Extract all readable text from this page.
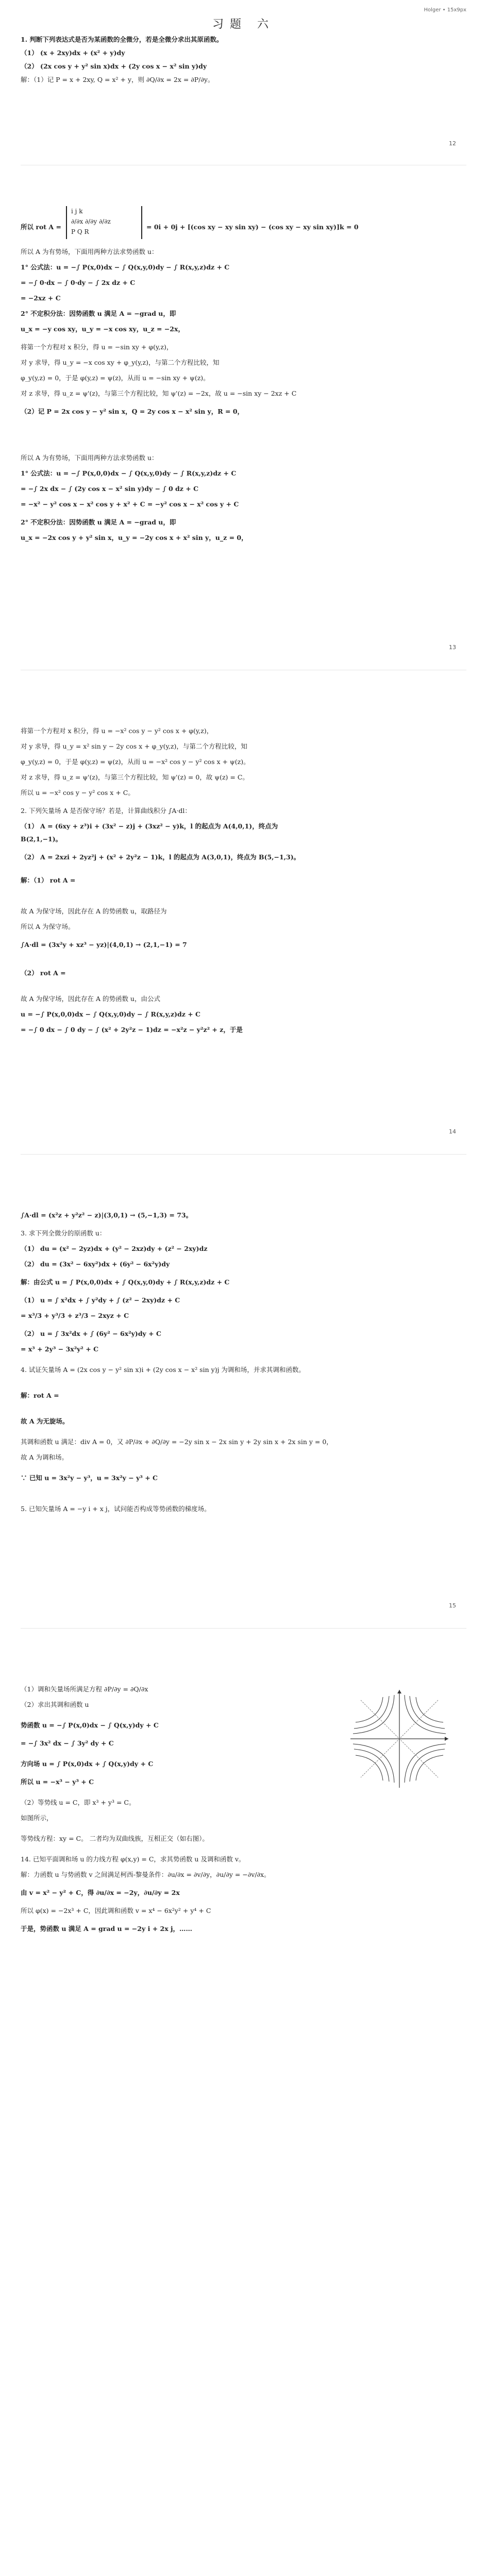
Holger • 15x9px
习题 六
1. 判断下列表达式是否为某函数的全微分，若是全微分求出其原函数。
（1） (x + 2xy)dx + (x² + y)dy
（2） (2x cos y + y² sin x)dx + (2y cos x − x² sin y)dy
解：（1）记 P = x + 2xy, Q = x² + y，则 ∂Q/∂x = 2x = ∂P/∂y。
12
所以 rot A =
i j k
∂/∂x ∂/∂y ∂/∂z
P Q R
= 0i + 0j + [(cos xy − xy sin xy) − (cos xy − xy sin xy)]k = 0
所以 A 为有势场，下面用两种方法求势函数 u：
1° 公式法：u = −∫ P(x,0)dx − ∫ Q(x,y,0)dy − ∫ R(x,y,z)dz + C
= −∫ 0·dx − ∫ 0·dy − ∫ 2x dz + C
= −2xz + C
2° 不定积分法：因势函数 u 满足 A = −grad u，即
u_x = −y cos xy，u_y = −x cos xy，u_z = −2x，
将第一个方程对 x 积分，得 u = −sin xy + φ(y,z)，
对 y 求导，得 u_y = −x cos xy + φ_y(y,z)，与第二个方程比较，知
φ_y(y,z) = 0，于是 φ(y,z) = ψ(z)，从而 u = −sin xy + ψ(z)。
对 z 求导，得 u_z = ψ'(z)，与第三个方程比较，知 ψ'(z) = −2x，故 u = −sin xy − 2xz + C
（2）记 P = 2x cos y − y² sin x，Q = 2y cos x − x² sin y，R = 0，
所以 A 为有势场，下面用两种方法求势函数 u：
1° 公式法：u = −∫ P(x,0,0)dx − ∫ Q(x,y,0)dy − ∫ R(x,y,z)dz + C
= −∫ 2x dx − ∫ (2y cos x − x² sin y)dy − ∫ 0 dz + C
= −x² − y² cos x − x² cos y + x² + C = −y² cos x − x² cos y + C
2° 不定积分法：因势函数 u 满足 A = −grad u，即
u_x = −2x cos y + y² sin x，u_y = −2y cos x + x² sin y，u_z = 0，
13
将第一个方程对 x 积分，得 u = −x² cos y − y² cos x + φ(y,z)，
对 y 求导，得 u_y = x² sin y − 2y cos x + φ_y(y,z)，与第二个方程比较，知
φ_y(y,z) = 0，于是 φ(y,z) = ψ(z)，从而 u = −x² cos y − y² cos x + ψ(z)。
对 z 求导，得 u_z = ψ'(z)，与第三个方程比较，知 ψ'(z) = 0，故 ψ(z) = C。
所以 u = −x² cos y − y² cos x + C。
2. 下列矢量场 A 是否保守场？若是，计算曲线积分 ∫A·dl：
（1） A = (6xy + z³)i + (3x² − z)j + (3xz² − y)k，l 的起点为 A(4,0,1)，终点为
B(2,1,−1)。
（2） A = 2xzi + 2yz²j + (x² + 2y²z − 1)k，l 的起点为 A(3,0,1)，终点为 B(5,−1,3)。
解：（1） rot A =
故 A 为保守场，因此存在 A 的势函数 u，取路径为
所以 A 为保守场。
∫A·dl = (3x²y + xz³ − yz)|(4,0,1) → (2,1,−1) = 7
（2） rot A =
故 A 为保守场，因此存在 A 的势函数 u，由公式
u = −∫ P(x,0,0)dx − ∫ Q(x,y,0)dy − ∫ R(x,y,z)dz + C
= −∫ 0 dx − ∫ 0 dy − ∫ (x² + 2y²z − 1)dz = −x²z − y²z² + z，于是
14
∫A·dl = (x²z + y²z² − z)|(3,0,1) → (5,−1,3) = 73。
3. 求下列全微分的原函数 u：
（1） du = (x² − 2yz)dx + (y² − 2xz)dy + (z² − 2xy)dz
（2） du = (3x² − 6xy²)dx + (6y² − 6x²y)dy
解：由公式 u = ∫ P(x,0,0)dx + ∫ Q(x,y,0)dy + ∫ R(x,y,z)dz + C
（1） u = ∫ x²dx + ∫ y²dy + ∫ (z² − 2xy)dz + C
= x³/3 + y³/3 + z³/3 − 2xyz + C
（2） u = ∫ 3x²dx + ∫ (6y² − 6x²y)dy + C
= x³ + 2y³ − 3x²y² + C
4. 试证矢量场 A = (2x cos y − y² sin x)i + (2y cos x − x² sin y)j 为调和场，并求其调和函数。
解：rot A =
故 A 为无旋场。
其调和函数 u 满足：div A = 0，又 ∂P/∂x + ∂Q/∂y = −2y sin x − 2x sin y + 2y sin x + 2x sin y = 0，
故 A 为调和场。
∵ 已知 u = 3x²y − y³，u = 3x²y − y³ + C
5. 已知矢量场 A = −y i + x j，试问能否构成等势函数的梯度场。
15
（1）调和矢量场所满足方程 ∂P/∂y = ∂Q/∂x
（2）求出其调和函数 u
势函数 u = −∫ P(x,0)dx − ∫ Q(x,y)dy + C
= −∫ 3x² dx − ∫ 3y² dy + C
方向场 u = ∫ P(x,0)dx + ∫ Q(x,y)dy + C
所以 u = −x³ − y³ + C
（2）等势线 u = C，即 x³ + y³ = C。
如图所示，
等势线方程：xy = C。 二者均为双曲线族，互相正交（如右图）。
14. 已知平面调和场 u 的力线方程 φ(x,y) = C，求其势函数 u 及调和函数 v。
解：力函数 u 与势函数 v 之间满足柯西-黎曼条件：∂u/∂x = ∂v/∂y，∂u/∂y = −∂v/∂x。
由 v = x² − y² + C，得 ∂u/∂x = −2y，∂u/∂y = 2x
所以 φ(x) = −2x³ + C，因此调和函数 v = x⁴ − 6x²y² + y⁴ + C
于是，势函数 u 满足 A = grad u = −2y i + 2x j，……
